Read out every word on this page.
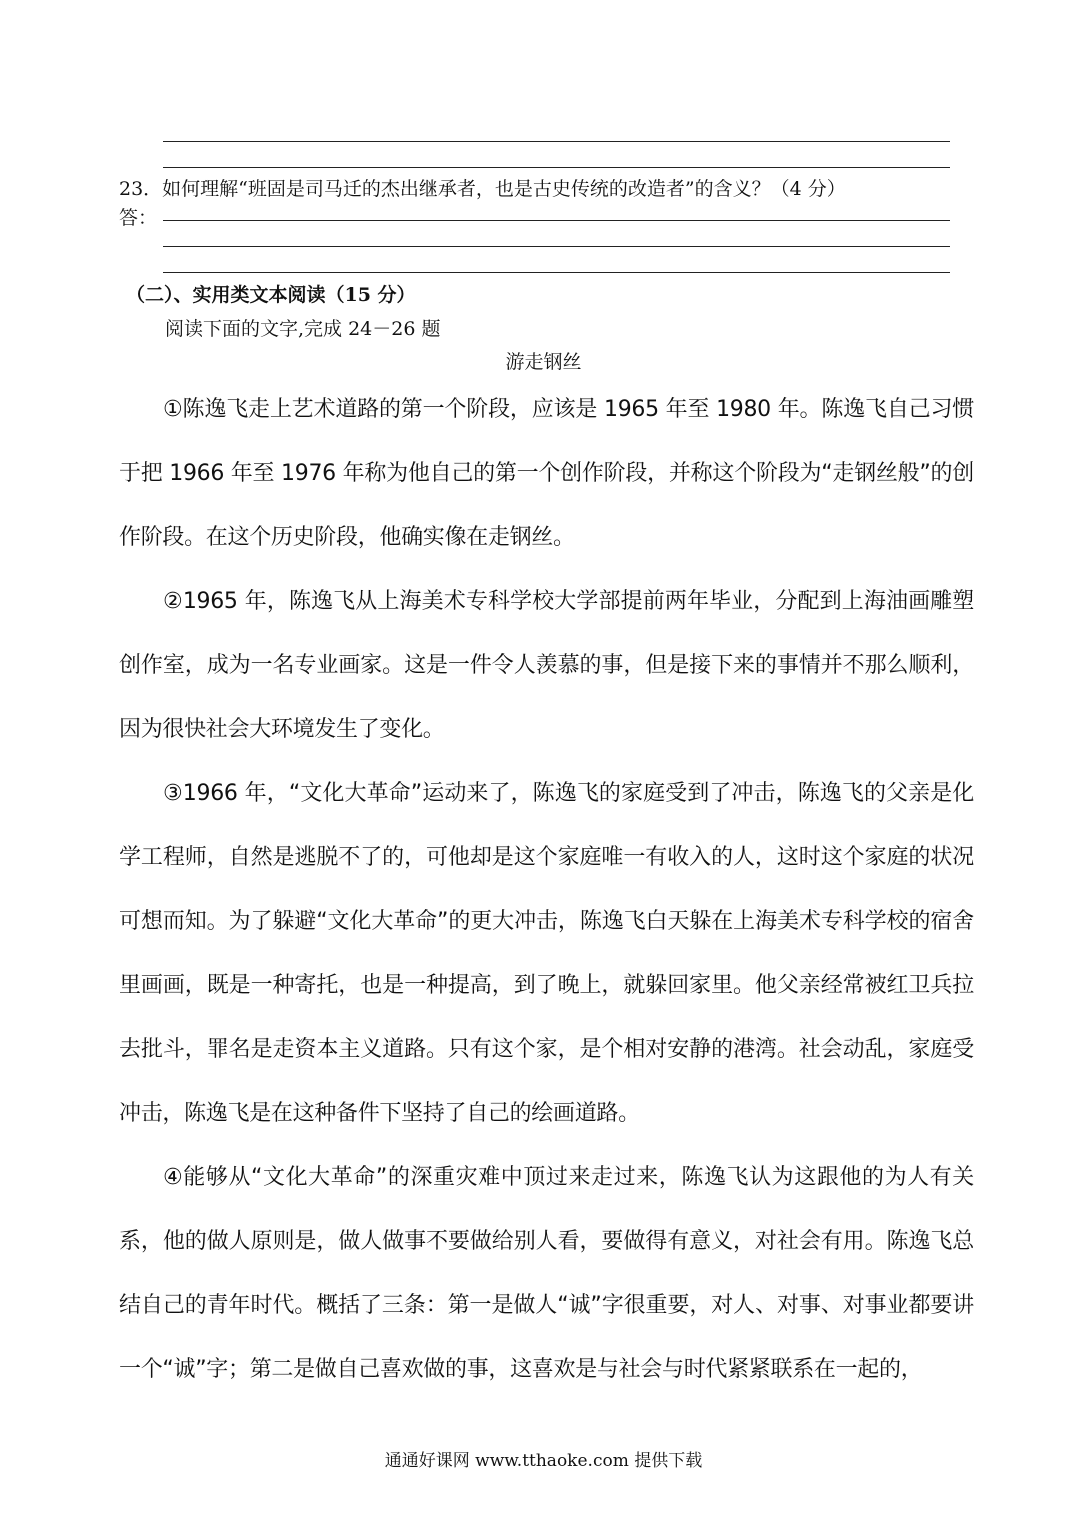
23．如何理解“班固是司马迁的杰出继承者，也是古史传统的改造者”的含义？（4 分）
答：
（二）、实用类文本阅读（15 分）
阅读下面的文字,完成 24－26 题
游走钢丝

①陈逸飞走上艺术道路的第一个阶段，应该是 1965 年至 1980 年。陈逸飞自己习惯于把 1966 年至 1976 年称为他自己的第一个创作阶段，并称这个阶段为“走钢丝般”的创作阶段。在这个历史阶段，他确实像在走钢丝。

②1965 年，陈逸飞从上海美术专科学校大学部提前两年毕业，分配到上海油画雕塑创作室，成为一名专业画家。这是一件令人羡慕的事，但是接下来的事情并不那么顺利，因为很快社会大环境发生了变化。

③1966 年，“文化大革命”运动来了，陈逸飞的家庭受到了冲击，陈逸飞的父亲是化学工程师，自然是逃脱不了的，可他却是这个家庭唯一有收入的人，这时这个家庭的状况可想而知。为了躲避“文化大革命”的更大冲击，陈逸飞白天躲在上海美术专科学校的宿舍里画画，既是一种寄托，也是一种提高，到了晚上，就躲回家里。他父亲经常被红卫兵拉去批斗，罪名是走资本主义道路。只有这个家，是个相对安静的港湾。社会动乱，家庭受冲击，陈逸飞是在这种备件下坚持了自己的绘画道路。

④能够从“文化大革命”的深重灾难中顶过来走过来，陈逸飞认为这跟他的为人有关系，他的做人原则是，做人做事不要做给别人看，要做得有意义，对社会有用。陈逸飞总结自己的青年时代。概括了三条：第一是做人“诚”字很重要，对人、对事、对事业都要讲一个“诚”字；第二是做自己喜欢做的事，这喜欢是与社会与时代紧紧联系在一起的，

通通好课网 www.tthaoke.com 提供下载
